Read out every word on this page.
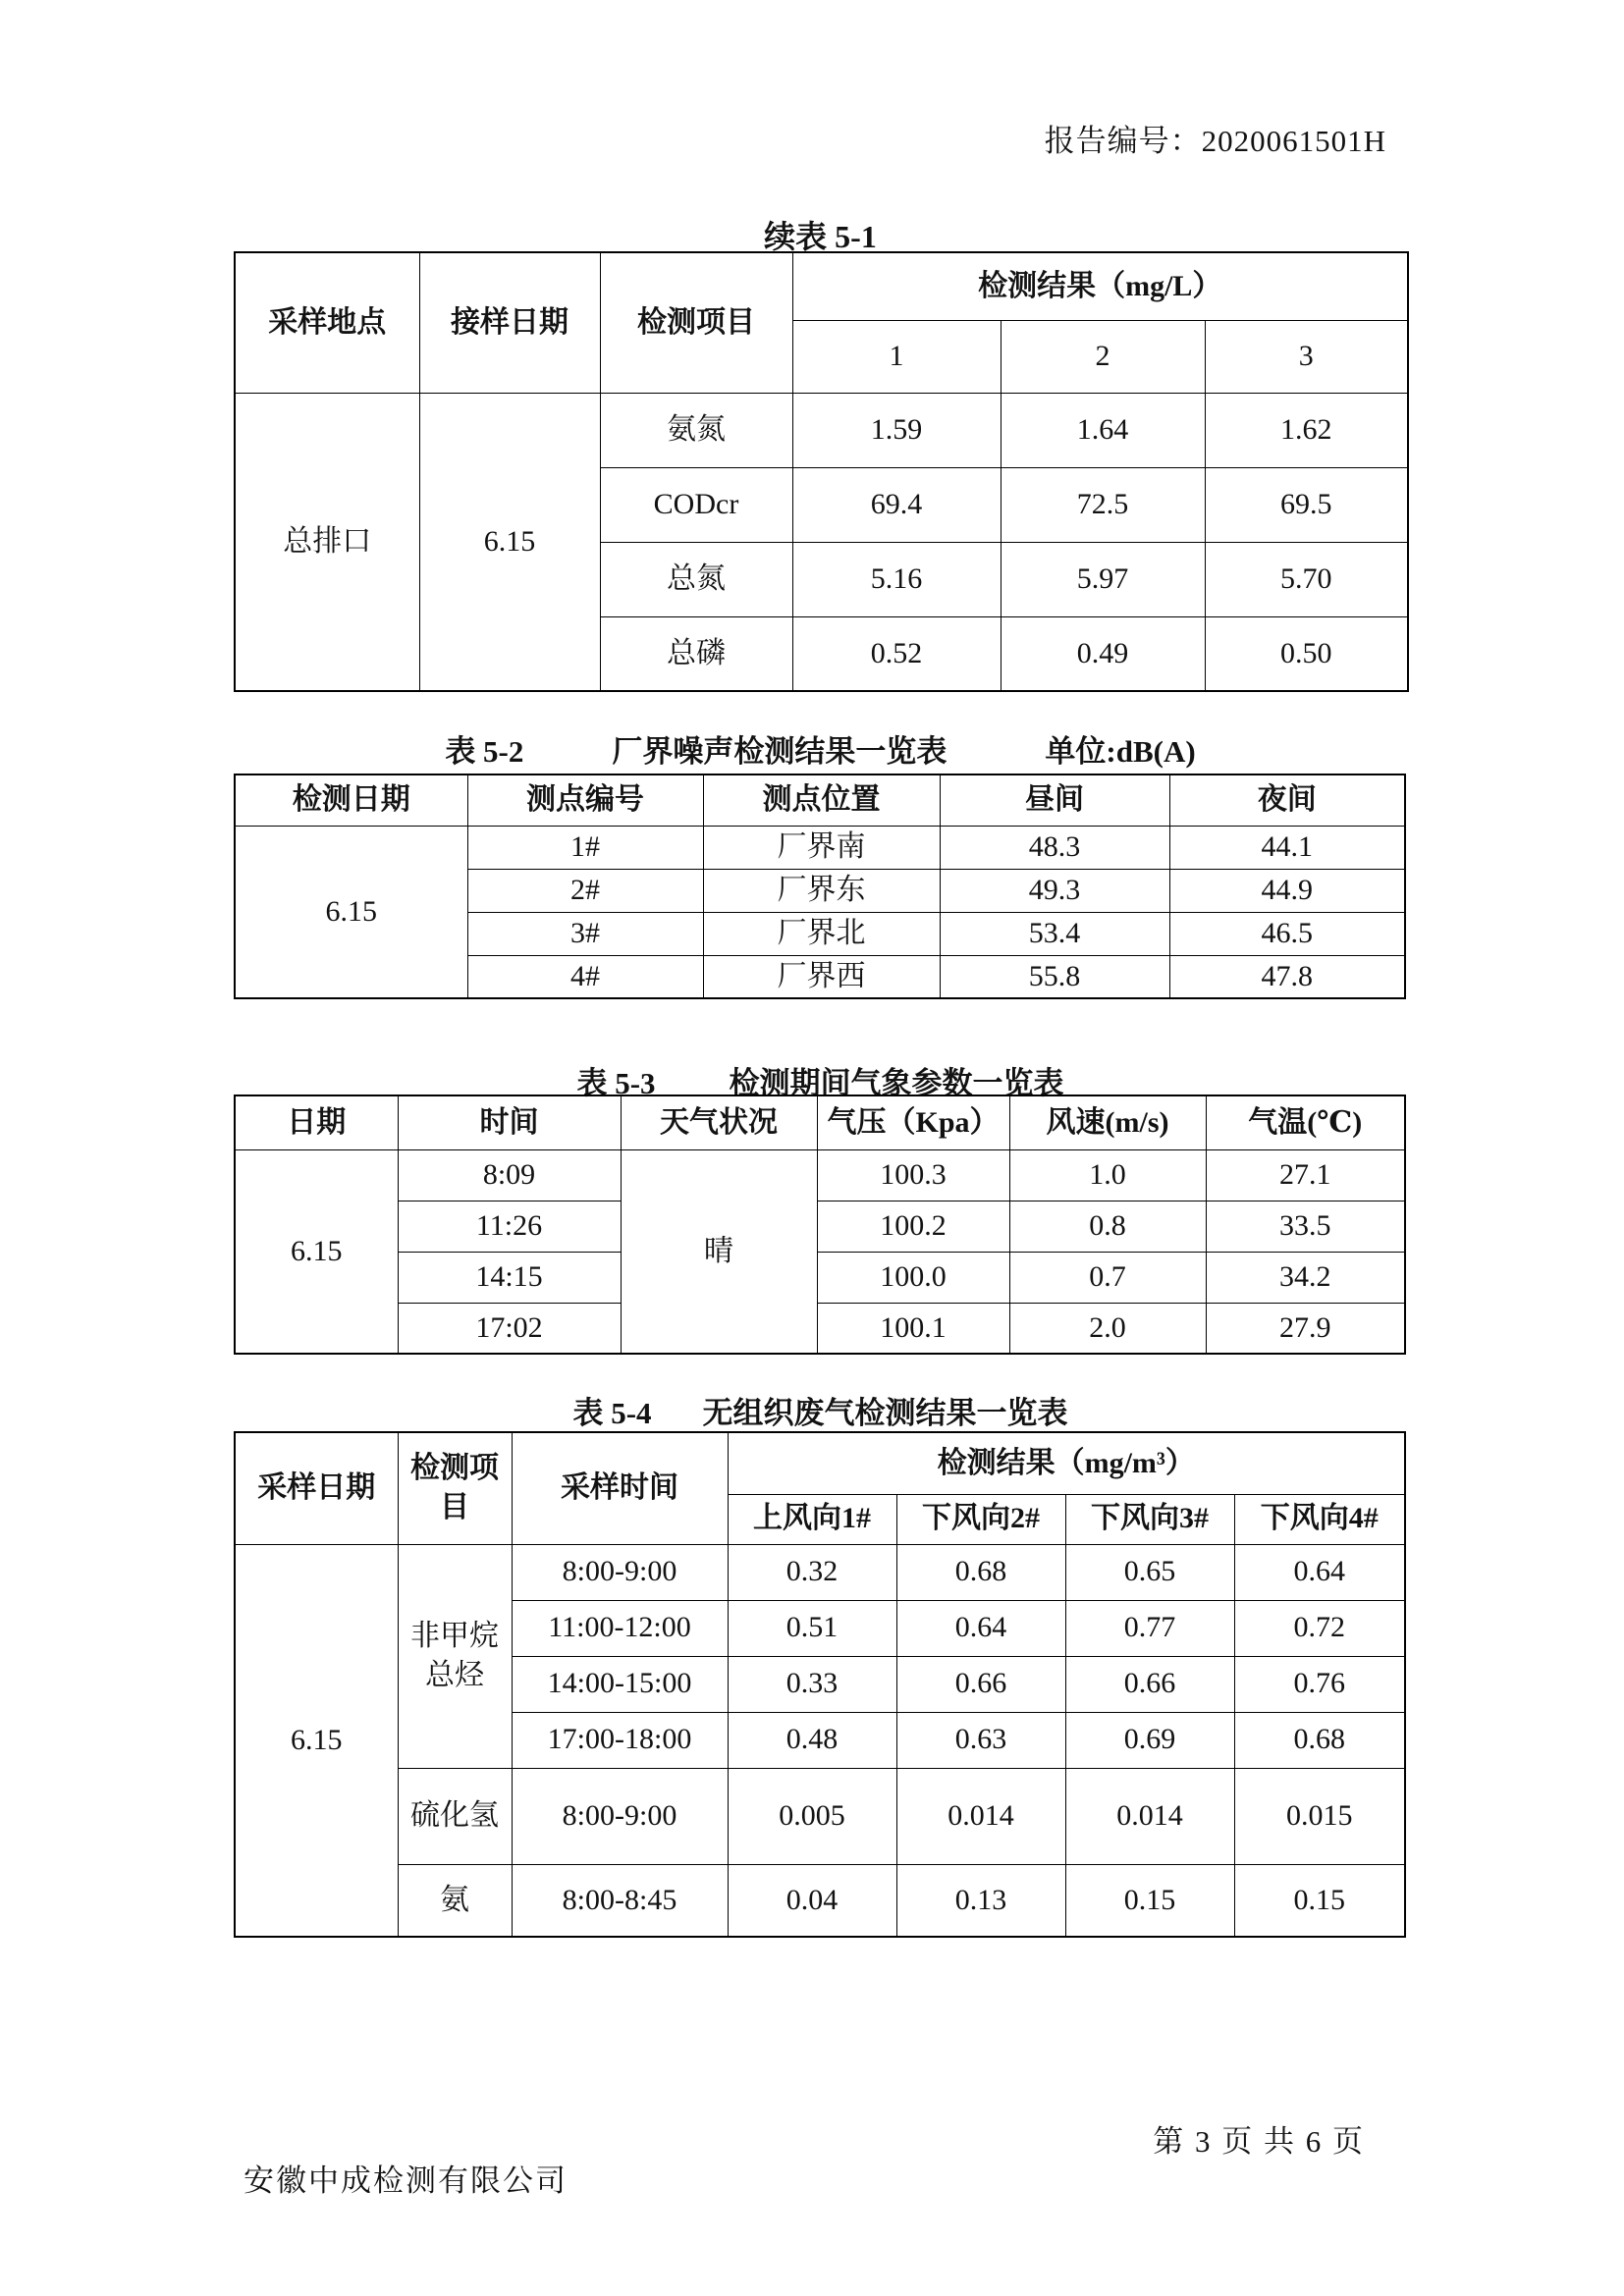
报告编号：2020061501H
续表 5-1
采样地点	接样日期	检测项目	检测结果（mg/L）		
			1	2	3
总排口	6.15	氨氮	1.59	1.64	1.62
		CODcr	69.4	72.5	69.5
		总氮	5.16	5.97	5.70
		总磷	0.52	0.49	0.50
表 5-2	厂界噪声检测结果一览表	单位:dB(A)
检测日期	测点编号	测点位置	昼间	夜间
6.15	1#	厂界南	48.3	44.1
	2#	厂界东	49.3	44.9
	3#	厂界北	53.4	46.5
	4#	厂界西	55.8	47.8
表 5-3 检测期间气象参数一览表
日期	时间	天气状况	气压（Kpa）	风速(m/s)	气温(℃)
6.15	8:09	晴	100.3	1.0	27.1
	11:26		100.2	0.8	33.5
	14:15		100.0	0.7	34.2
	17:02		100.1	2.0	27.9
表 5-4 无组织废气检测结果一览表
采样日期	检测项目	采样时间	检测结果（mg/m³）			
			上风向1#	下风向2#	下风向3#	下风向4#
6.15	非甲烷总烃	8:00-9:00	0.32	0.68	0.65	0.64
		11:00-12:00	0.51	0.64	0.77	0.72
		14:00-15:00	0.33	0.66	0.66	0.76
		17:00-18:00	0.48	0.63	0.69	0.68
	硫化氢	8:00-9:00	0.005	0.014	0.014	0.015
	氨	8:00-8:45	0.04	0.13	0.15	0.15
安徽中成检测有限公司
第 3 页 共 6 页
